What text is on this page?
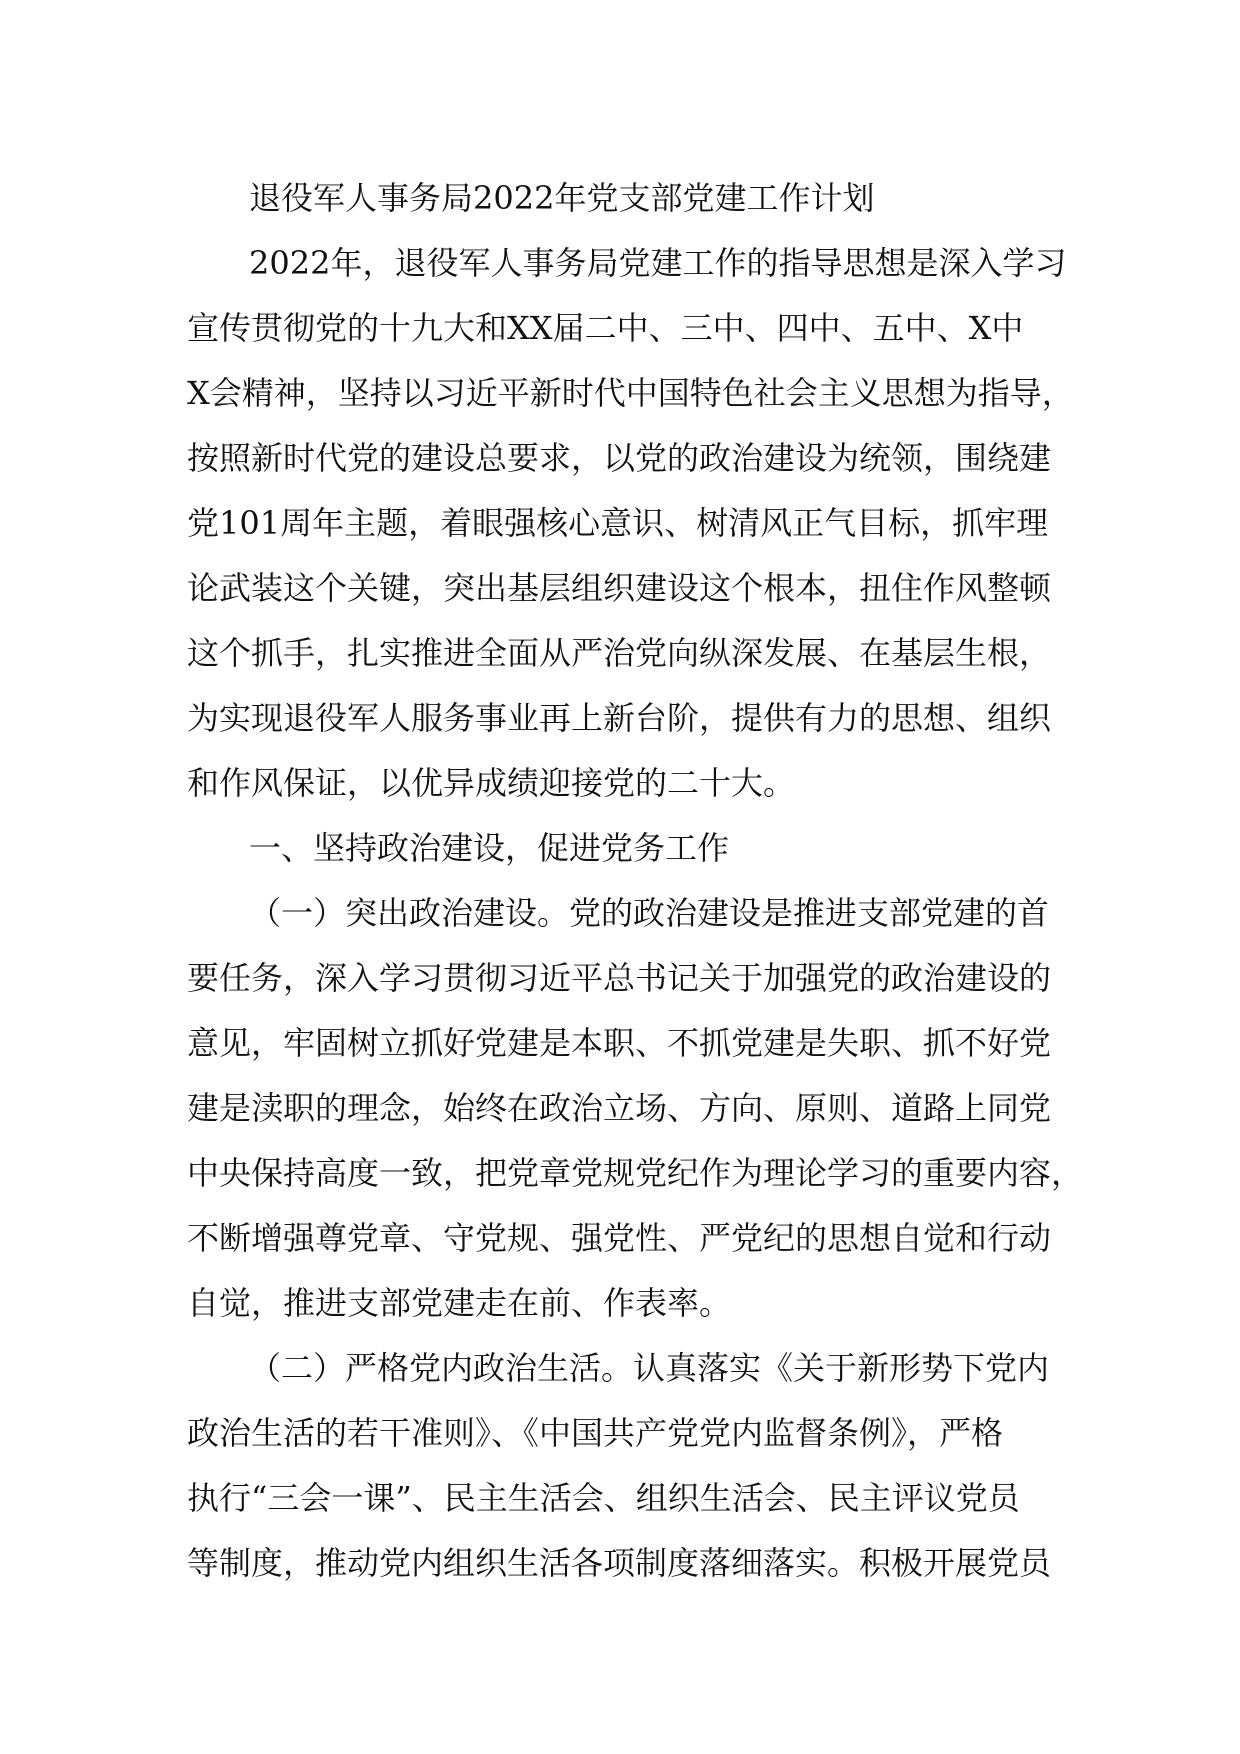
退役军人事务局2022年党支部党建工作计划
2022年，退役军人事务局党建工作的指导思想是深入学习
宣传贯彻党的十九大和XX届二中、三中、四中、五中、X中
X会精神，坚持以习近平新时代中国特色社会主义思想为指导，
按照新时代党的建设总要求，以党的政治建设为统领，围绕建
党101周年主题，着眼强核心意识、树清风正气目标，抓牢理
论武装这个关键，突出基层组织建设这个根本，扭住作风整顿
这个抓手，扎实推进全面从严治党向纵深发展、在基层生根，
为实现退役军人服务事业再上新台阶，提供有力的思想、组织
和作风保证，以优异成绩迎接党的二十大。
一、坚持政治建设，促进党务工作
（一）突出政治建设。党的政治建设是推进支部党建的首
要任务，深入学习贯彻习近平总书记关于加强党的政治建设的
意见，牢固树立抓好党建是本职、不抓党建是失职、抓不好党
建是渎职的理念，始终在政治立场、方向、原则、道路上同党
中央保持高度一致，把党章党规党纪作为理论学习的重要内容，
不断增强尊党章、守党规、强党性、严党纪的思想自觉和行动
自觉，推进支部党建走在前、作表率。
（二）严格党内政治生活。认真落实《关于新形势下党内
政治生活的若干准则》、《中国共产党党内监督条例》，严格
执行“三会一课”、民主生活会、组织生活会、民主评议党员
等制度，推动党内组织生活各项制度落细落实。积极开展党员
